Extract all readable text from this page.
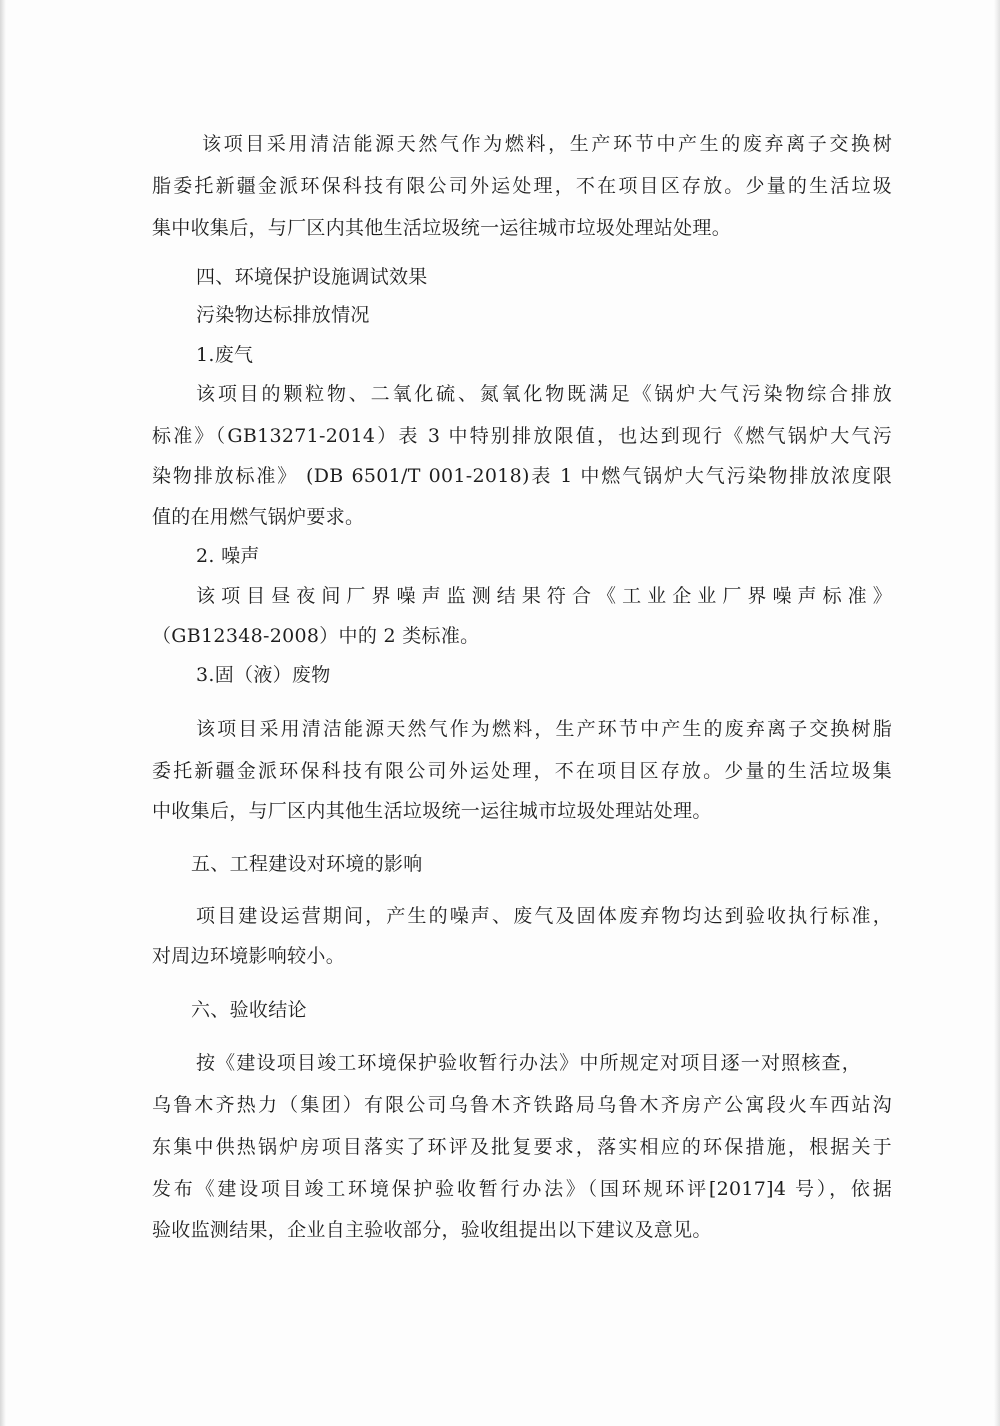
该项目采用清洁能源天然气作为燃料，生产环节中产生的废弃离子交换树
脂委托新疆金派环保科技有限公司外运处理，不在项目区存放。少量的生活垃圾
集中收集后，与厂区内其他生活垃圾统一运往城市垃圾处理站处理。
四、环境保护设施调试效果
污染物达标排放情况
1.废气
该项目的颗粒物、二氧化硫、氮氧化物既满足《锅炉大气污染物综合排放
标准》（GB13271-2014）表 3 中特别排放限值，也达到现行《燃气锅炉大气污
染物排放标准》 (DB 6501/T 001-2018)表 1 中燃气锅炉大气污染物排放浓度限
值的在用燃气锅炉要求。
2. 噪声
该项目昼夜间厂界噪声监测结果符合《工业企业厂界噪声标准》
（GB12348-2008）中的 2 类标准。
3.固（液）废物
该项目采用清洁能源天然气作为燃料，生产环节中产生的废弃离子交换树脂
委托新疆金派环保科技有限公司外运处理，不在项目区存放。少量的生活垃圾集
中收集后，与厂区内其他生活垃圾统一运往城市垃圾处理站处理。
五、工程建设对环境的影响
项目建设运营期间，产生的噪声、废气及固体废弃物均达到验收执行标准，
对周边环境影响较小。
六、验收结论
按《建设项目竣工环境保护验收暂行办法》中所规定对项目逐一对照核查，
乌鲁木齐热力（集团）有限公司乌鲁木齐铁路局乌鲁木齐房产公寓段火车西站沟
东集中供热锅炉房项目落实了环评及批复要求，落实相应的环保措施，根据关于
发布《建设项目竣工环境保护验收暂行办法》（国环规环评[2017]4 号），依据
验收监测结果，企业自主验收部分，验收组提出以下建议及意见。
